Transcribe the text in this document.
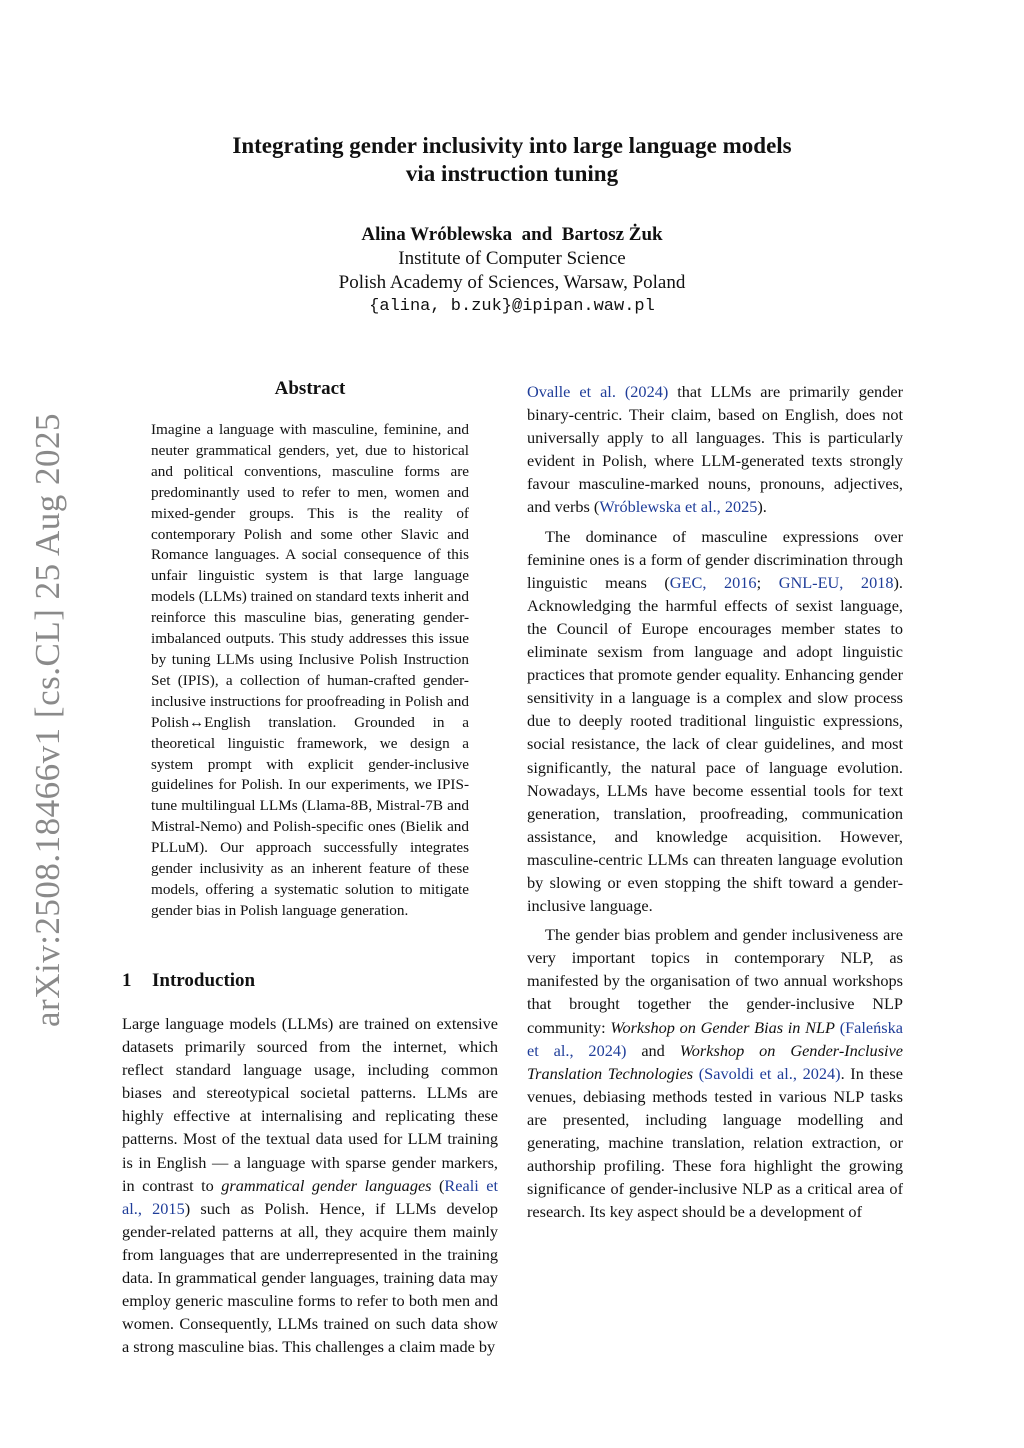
arXiv:2508.18466v1 [cs.CL] 25 Aug 2025
Integrating gender inclusivity into large language models
via instruction tuning
Alina Wróblewska  and  Bartosz Żuk
Institute of Computer Science
Polish Academy of Sciences, Warsaw, Poland
{alina, b.zuk}@ipipan.waw.pl
Abstract

Imagine a language with masculine, feminine, and neuter grammatical genders, yet, due to historical and political conventions, masculine forms are predominantly used to refer to men, women and mixed-gender groups. This is the reality of contemporary Polish and some other Slavic and Romance languages. A social consequence of this unfair linguistic system is that large language models (LLMs) trained on standard texts inherit and reinforce this masculine bias, generating gender-imbalanced outputs. This study addresses this issue by tuning LLMs using Inclusive Polish Instruction Set (IPIS), a collection of human-crafted gender-inclusive instructions for proofreading in Polish and Polish↔English translation. Grounded in a theoretical linguistic framework, we design a system prompt with explicit gender-inclusive guidelines for Polish. In our experiments, we IPIS-tune multilingual LLMs (Llama-8B, Mistral-7B and Mistral-Nemo) and Polish-specific ones (Bielik and PLLuM). Our approach successfully integrates gender inclusivity as an inherent feature of these models, offering a systematic solution to mitigate gender bias in Polish language generation.

1 Introduction

Large language models (LLMs) are trained on extensive datasets primarily sourced from the internet, which reflect standard language usage, including common biases and stereotypical societal patterns. LLMs are highly effective at internalising and replicating these patterns. Most of the textual data used for LLM training is in English — a language with sparse gender markers, in contrast to grammatical gender languages (Reali et al., 2015) such as Polish. Hence, if LLMs develop gender-related patterns at all, they acquire them mainly from languages that are underrepresented in the training data. In grammatical gender languages, training data may employ generic masculine forms to refer to both men and women. Consequently, LLMs trained on such data show a strong masculine bias. This challenges a claim made by

Ovalle et al. (2024) that LLMs are primarily gender binary-centric. Their claim, based on English, does not universally apply to all languages. This is particularly evident in Polish, where LLM-generated texts strongly favour masculine-marked nouns, pronouns, adjectives, and verbs (Wróblewska et al., 2025).

The dominance of masculine expressions over feminine ones is a form of gender discrimination through linguistic means (GEC, 2016; GNL-EU, 2018). Acknowledging the harmful effects of sexist language, the Council of Europe encourages member states to eliminate sexism from language and adopt linguistic practices that promote gender equality. Enhancing gender sensitivity in a language is a complex and slow process due to deeply rooted traditional linguistic expressions, social resistance, the lack of clear guidelines, and most significantly, the natural pace of language evolution. Nowadays, LLMs have become essential tools for text generation, translation, proofreading, communication assistance, and knowledge acquisition. However, masculine-centric LLMs can threaten language evolution by slowing or even stopping the shift toward a gender-inclusive language.

The gender bias problem and gender inclusiveness are very important topics in contemporary NLP, as manifested by the organisation of two annual workshops that brought together the gender-inclusive NLP community: Workshop on Gender Bias in NLP (Faleńska et al., 2024) and Workshop on Gender-Inclusive Translation Technologies (Savoldi et al., 2024). In these venues, debiasing methods tested in various NLP tasks are presented, including language modelling and generating, machine translation, relation extraction, or authorship profiling. These fora highlight the growing significance of gender-inclusive NLP as a critical area of research. Its key aspect should be a development of
